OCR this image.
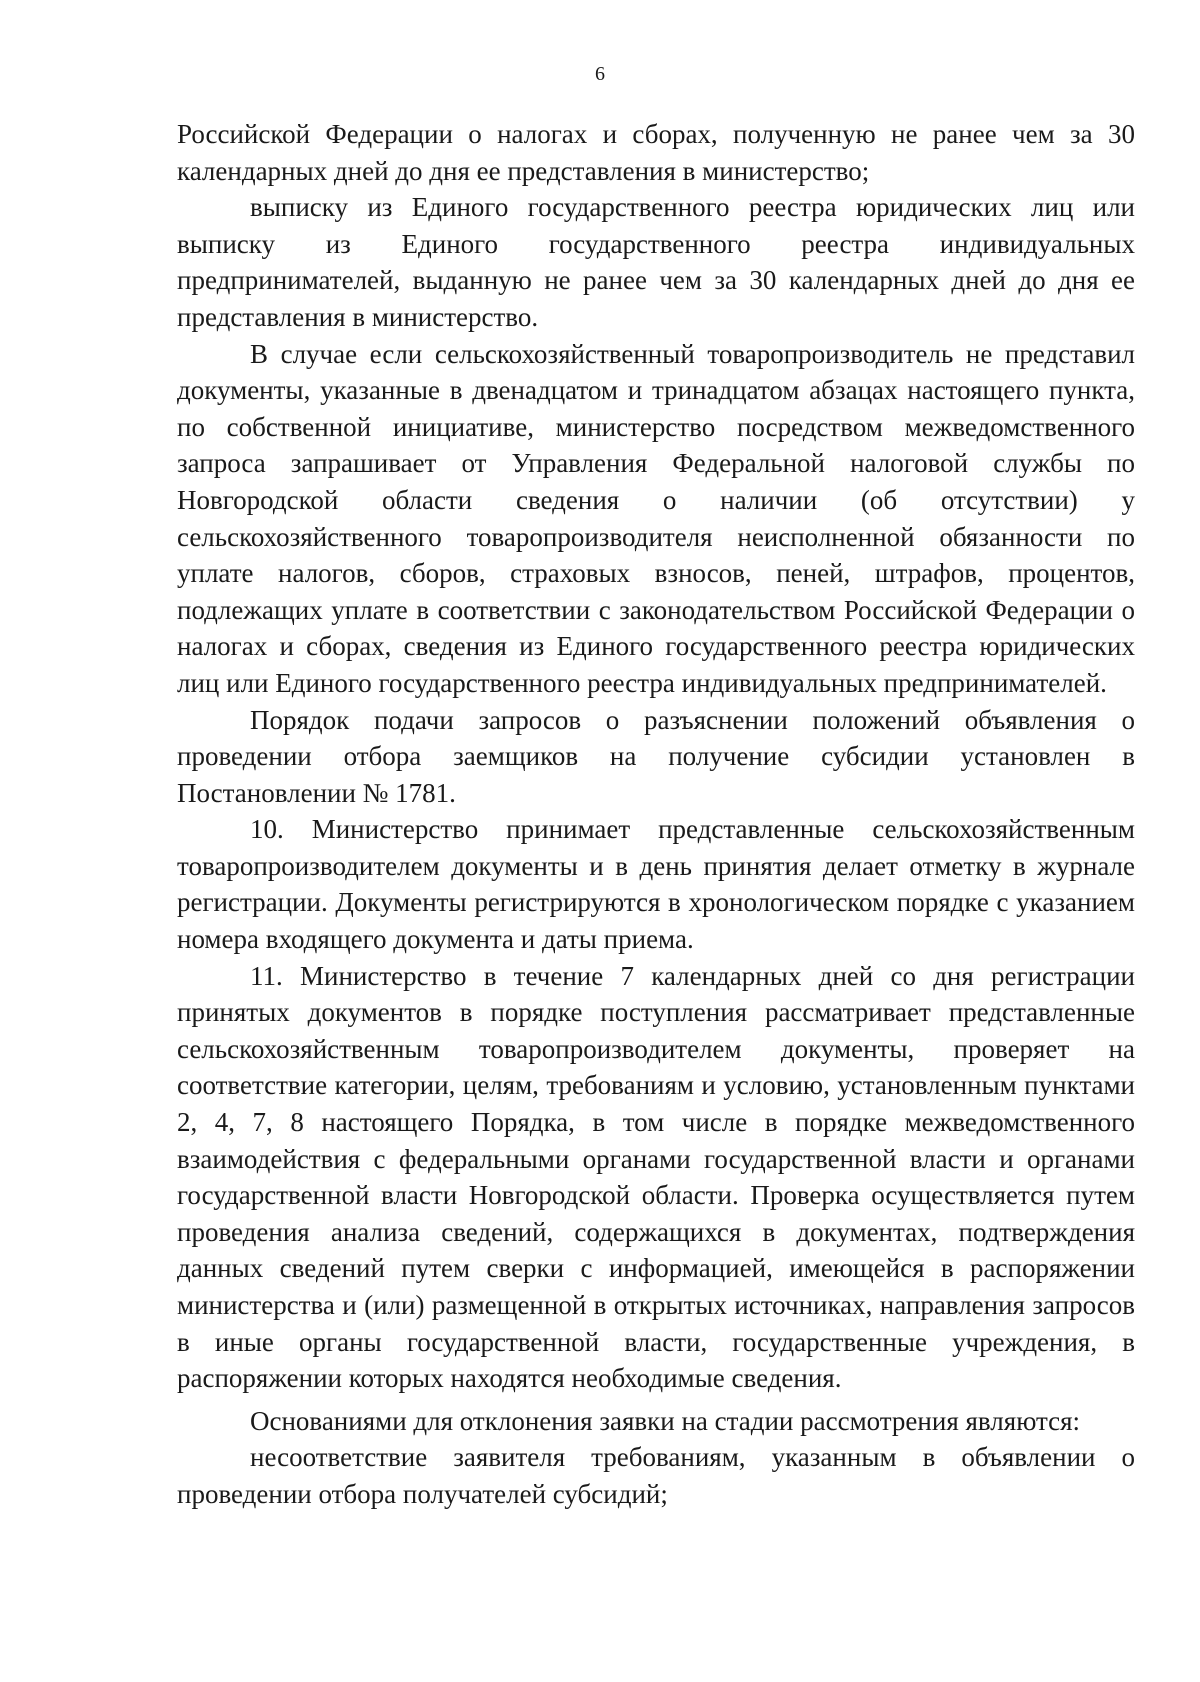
6

Российской Федерации о налогах и сборах, полученную не ранее чем за 30 календарных дней до дня ее представления в министерство;

выписку из Единого государственного реестра юридических лиц или выписку из Единого государственного реестра индивидуальных предпринимателей, выданную не ранее чем за 30 календарных дней до дня ее представления в министерство.

В случае если сельскохозяйственный товаропроизводитель не представил документы, указанные в двенадцатом и тринадцатом абзацах настоящего пункта, по собственной инициативе, министерство посредством межведомственного запроса запрашивает от Управления Федеральной налоговой службы по Новгородской области сведения о наличии (об отсутствии) у сельскохозяйственного товаропроизводителя неисполненной обязанности по уплате налогов, сборов, страховых взносов, пеней, штрафов, процентов, подлежащих уплате в соответствии с законодательством Российской Федерации о налогах и сборах, сведения из Единого государственного реестра юридических лиц или Единого государственного реестра индивидуальных предпринимателей.

Порядок подачи запросов о разъяснении положений объявления о проведении отбора заемщиков на получение субсидии установлен в Постановлении № 1781.

10. Министерство принимает представленные сельскохозяйственным товаропроизводителем документы и в день принятия делает отметку в журнале регистрации. Документы регистрируются в хронологическом порядке с указанием номера входящего документа и даты приема.

11. Министерство в течение 7 календарных дней со дня регистрации принятых документов в порядке поступления рассматривает представленные сельскохозяйственным товаропроизводителем документы, проверяет на соответствие категории, целям, требованиям и условию, установленным пунктами 2, 4, 7, 8 настоящего Порядка, в том числе в порядке межведомственного взаимодействия с федеральными органами государственной власти и органами государственной власти Новгородской области. Проверка осуществляется путем проведения анализа сведений, содержащихся в документах, подтверждения данных сведений путем сверки с информацией, имеющейся в распоряжении министерства и (или) размещенной в открытых источниках, направления запросов в иные органы государственной власти, государственные учреждения, в распоряжении которых находятся необходимые сведения.

Основаниями для отклонения заявки на стадии рассмотрения являются:

несоответствие заявителя требованиям, указанным в объявлении о проведении отбора получателей субсидий;
